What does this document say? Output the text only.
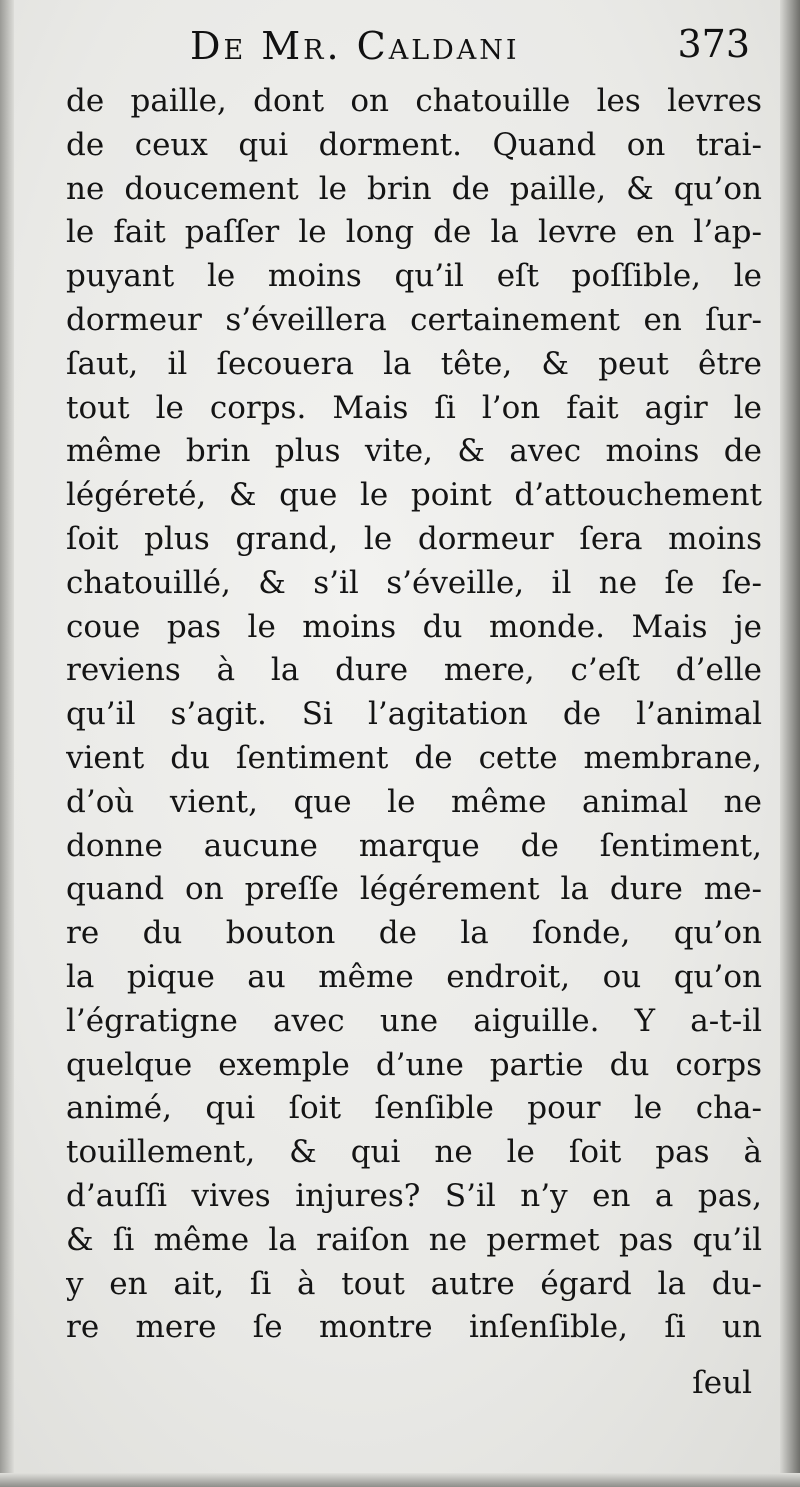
De Mr. Caldani	373
de paille, dont on chatouille les levres
de ceux qui dorment. Quand on trai-
ne doucement le brin de paille, & qu’on
le fait paſſer le long de la levre en l’ap-
puyant le moins qu’il eſt poſſible, le
dormeur s’éveillera certainement en ſur-
ſaut, il ſecouera la tête, & peut être
tout le corps. Mais ſi l’on fait agir le
même brin plus vite, & avec moins de
légéreté, & que le point d’attouchement
ſoit plus grand, le dormeur ſera moins
chatouillé, & s’il s’éveille, il ne ſe ſe-
coue pas le moins du monde. Mais je
reviens à la dure mere, c’eſt d’elle
qu’il s’agit. Si l’agitation de l’animal
vient du ſentiment de cette membrane,
d’où vient, que le même animal ne
donne aucune marque de ſentiment,
quand on preſſe légérement la dure me-
re du bouton de la ſonde, qu’on
la pique au même endroit, ou qu’on
l’égratigne avec une aiguille. Y a-t-il
quelque exemple d’une partie du corps
animé, qui ſoit ſenſible pour le cha-
touillement, & qui ne le ſoit pas à
d’auſſi vives injures? S’il n’y en a pas,
& ſi même la raiſon ne permet pas qu’il
y en ait, ſi à tout autre égard la du-
re mere ſe montre inſenſible, ſi un
ſeul
